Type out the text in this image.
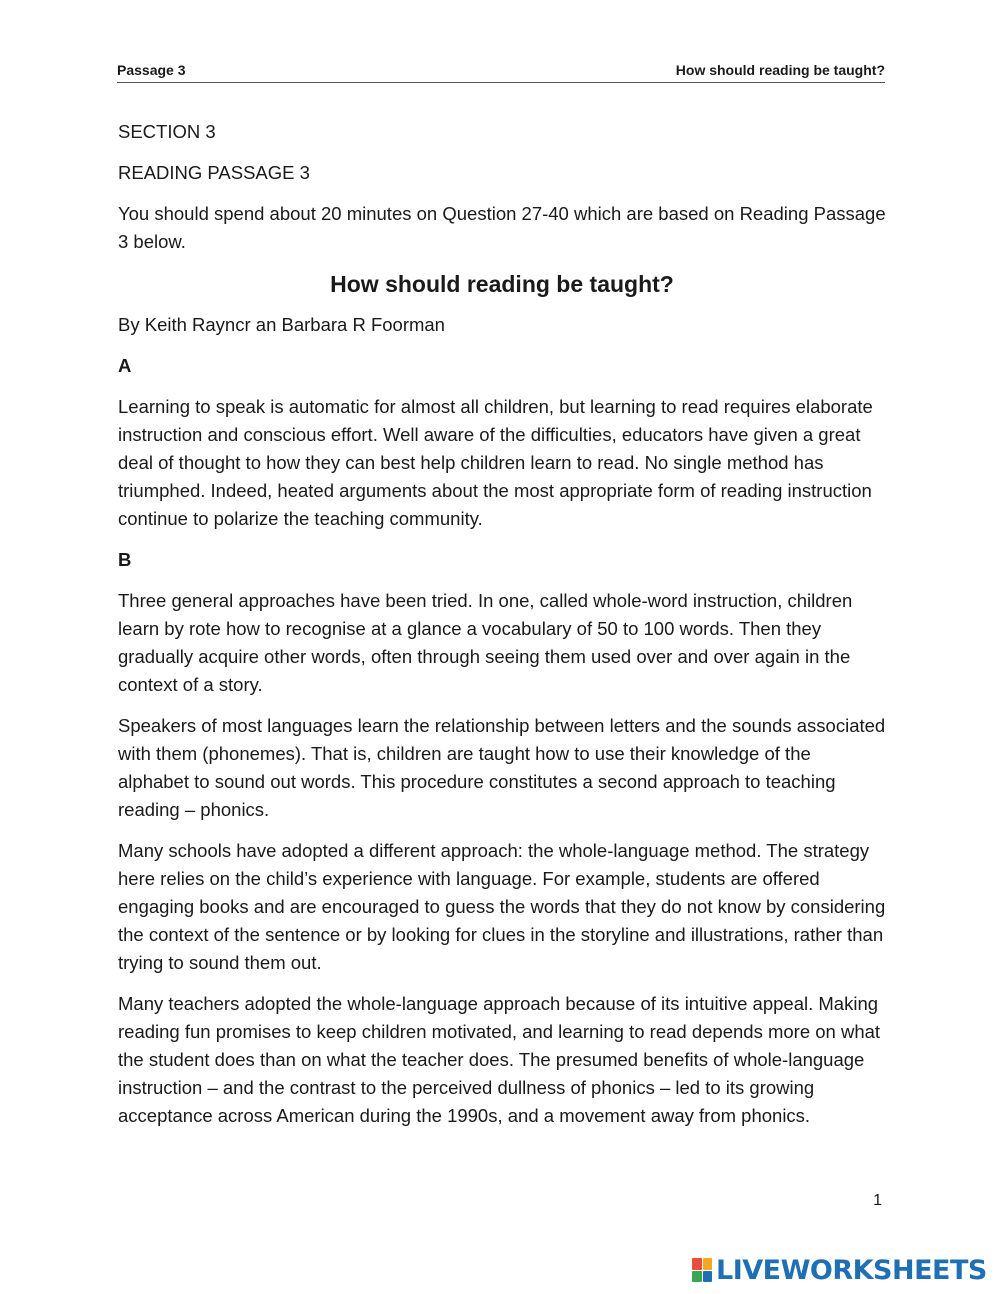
Passage 3	How should reading be taught?

SECTION 3

READING PASSAGE 3

You should spend about 20 minutes on Question 27-40 which are based on Reading Passage 3 below.

How should reading be taught?

By Keith Rayncr an Barbara R Foorman

A

Learning to speak is automatic for almost all children, but learning to read requires elaborate instruction and conscious effort. Well aware of the difficulties, educators have given a great deal of thought to how they can best help children learn to read. No single method has triumphed. Indeed, heated arguments about the most appropriate form of reading instruction continue to polarize the teaching community.

B

Three general approaches have been tried. In one, called whole-word instruction, children learn by rote how to recognise at a glance a vocabulary of 50 to 100 words. Then they gradually acquire other words, often through seeing them used over and over again in the context of a story.

Speakers of most languages learn the relationship between letters and the sounds associated with them (phonemes). That is, children are taught how to use their knowledge of the alphabet to sound out words. This procedure constitutes a second approach to teaching reading – phonics.

Many schools have adopted a different approach: the whole-language method. The strategy here relies on the child’s experience with language. For example, students are offered engaging books and are encouraged to guess the words that they do not know by considering the context of the sentence or by looking for clues in the storyline and illustrations, rather than trying to sound them out.

Many teachers adopted the whole-language approach because of its intuitive appeal. Making reading fun promises to keep children motivated, and learning to read depends more on what the student does than on what the teacher does. The presumed benefits of whole-language instruction – and the contrast to the perceived dullness of phonics – led to its growing acceptance across American during the 1990s, and a movement away from phonics.

1
LIVEWORKSHEETS
